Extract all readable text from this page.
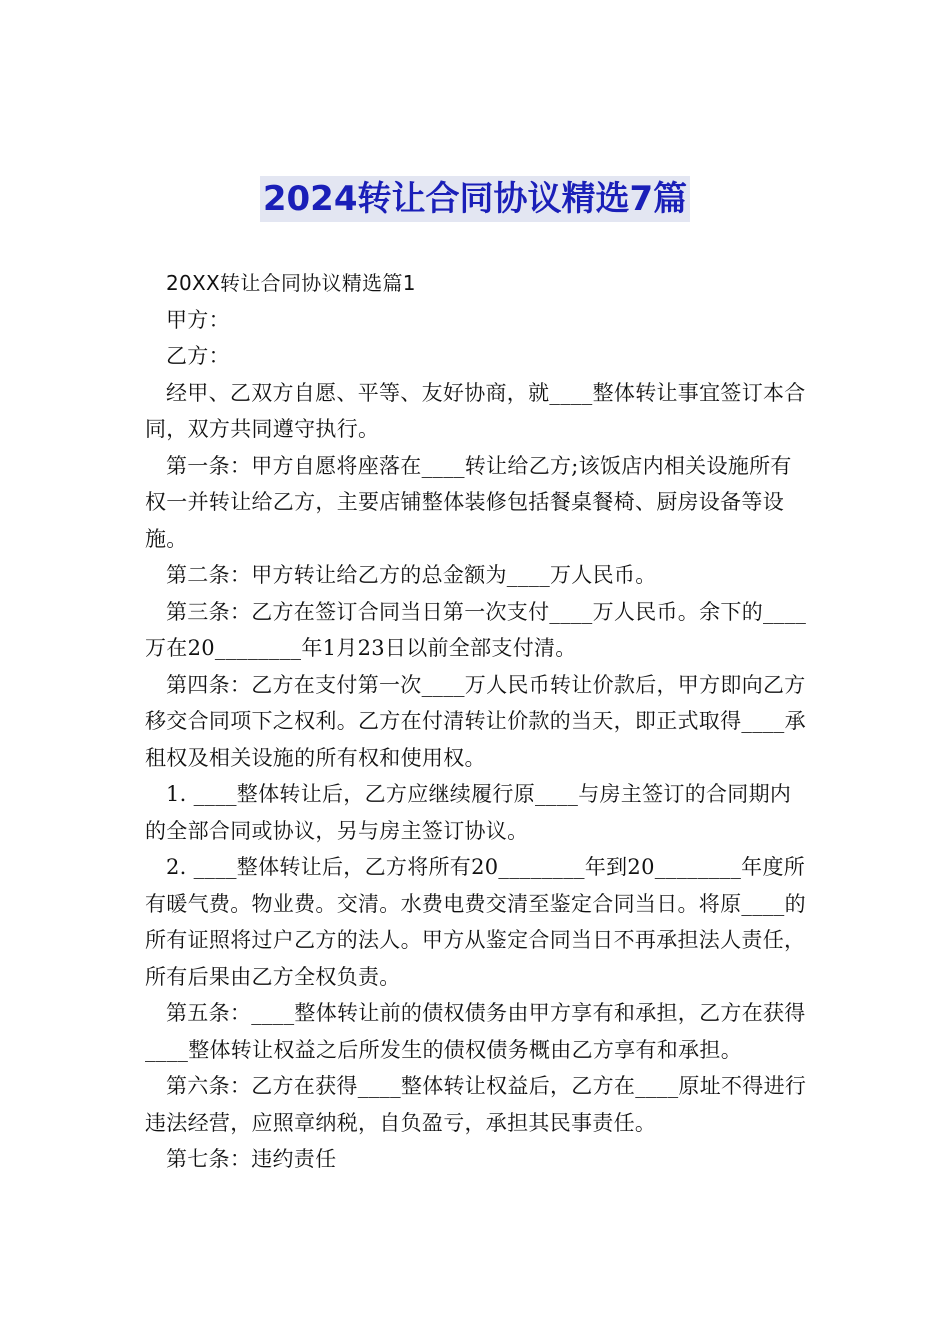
2024转让合同协议精选7篇

20XX转让合同协议精选篇1

甲方：

乙方：

经甲、乙双方自愿、平等、友好协商，就____整体转让事宜签订本合同，双方共同遵守执行。

第一条：甲方自愿将座落在____转让给乙方;该饭店内相关设施所有权一并转让给乙方，主要店铺整体装修包括餐桌餐椅、厨房设备等设施。

第二条：甲方转让给乙方的总金额为____万人民币。

第三条：乙方在签订合同当日第一次支付____万人民币。余下的____万在20________年1月23日以前全部支付清。

第四条：乙方在支付第一次____万人民币转让价款后，甲方即向乙方移交合同项下之权利。乙方在付清转让价款的当天，即正式取得____承租权及相关设施的所有权和使用权。

1. ____整体转让后，乙方应继续履行原____与房主签订的合同期内的全部合同或协议，另与房主签订协议。

2. ____整体转让后，乙方将所有20________年到20________年度所有暖气费。物业费。交清。水费电费交清至鉴定合同当日。将原____的所有证照将过户乙方的法人。甲方从鉴定合同当日不再承担法人责任，所有后果由乙方全权负责。

第五条：____整体转让前的债权债务由甲方享有和承担，乙方在获得____整体转让权益之后所发生的债权债务概由乙方享有和承担。

第六条：乙方在获得____整体转让权益后，乙方在____原址不得进行违法经营，应照章纳税，自负盈亏，承担其民事责任。

第七条：违约责任
